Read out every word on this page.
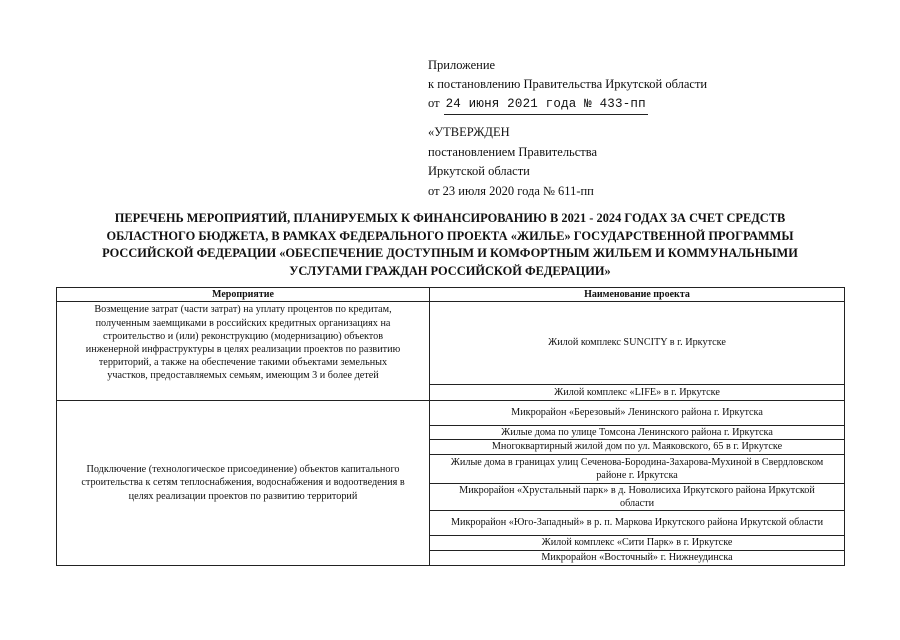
Приложение
к постановлению Правительства Иркутской области
от 24 июня 2021 года № 433-пп
«УТВЕРЖДЕН
постановлением Правительства
Иркутской области
от 23 июля 2020 года № 611-пп
ПЕРЕЧЕНЬ МЕРОПРИЯТИЙ, ПЛАНИРУЕМЫХ К ФИНАНСИРОВАНИЮ В 2021 - 2024 ГОДАХ ЗА СЧЕТ СРЕДСТВ
ОБЛАСТНОГО БЮДЖЕТА, В РАМКАХ ФЕДЕРАЛЬНОГО ПРОЕКТА «ЖИЛЬЕ» ГОСУДАРСТВЕННОЙ ПРОГРАММЫ
РОССИЙСКОЙ ФЕДЕРАЦИИ «ОБЕСПЕЧЕНИЕ ДОСТУПНЫМ И КОМФОРТНЫМ ЖИЛЬЕМ И КОММУНАЛЬНЫМИ
УСЛУГАМИ ГРАЖДАН РОССИЙСКОЙ ФЕДЕРАЦИИ»
Мероприятие	Наименование проекта
Возмещение затрат (части затрат) на уплату процентов по кредитам, полученным заемщиками в российских кредитных организациях на строительство и (или) реконструкцию (модернизацию) объектов инженерной инфраструктуры в целях реализации проектов по развитию территорий, а также на обеспечение такими объектами земельных участков, предоставляемых семьям, имеющим 3 и более детей
Жилой комплекс SUNCITY в г. Иркутске
Жилой комплекс «LIFE» в г. Иркутске
Подключение (технологическое присоединение) объектов капитального строительства к сетям теплоснабжения, водоснабжения и водоотведения в целях реализации проектов по развитию территорий
Микрорайон «Березовый» Ленинского района г. Иркутска
Жилые дома по улице Томсона Ленинского района г. Иркутска
Многоквартирный жилой дом по ул. Маяковского, 65 в г. Иркутске
Жилые дома в границах улиц Сеченова-Бородина-Захарова-Мухиной в Свердловском районе г. Иркутска
Микрорайон «Хрустальный парк» в д. Новолисиха Иркутского района Иркутской области
Микрорайон «Юго-Западный» в р. п. Маркова Иркутского района Иркутской области
Жилой комплекс «Сити Парк» в г. Иркутске
Микрорайон «Восточный» г. Нижнеудинска
